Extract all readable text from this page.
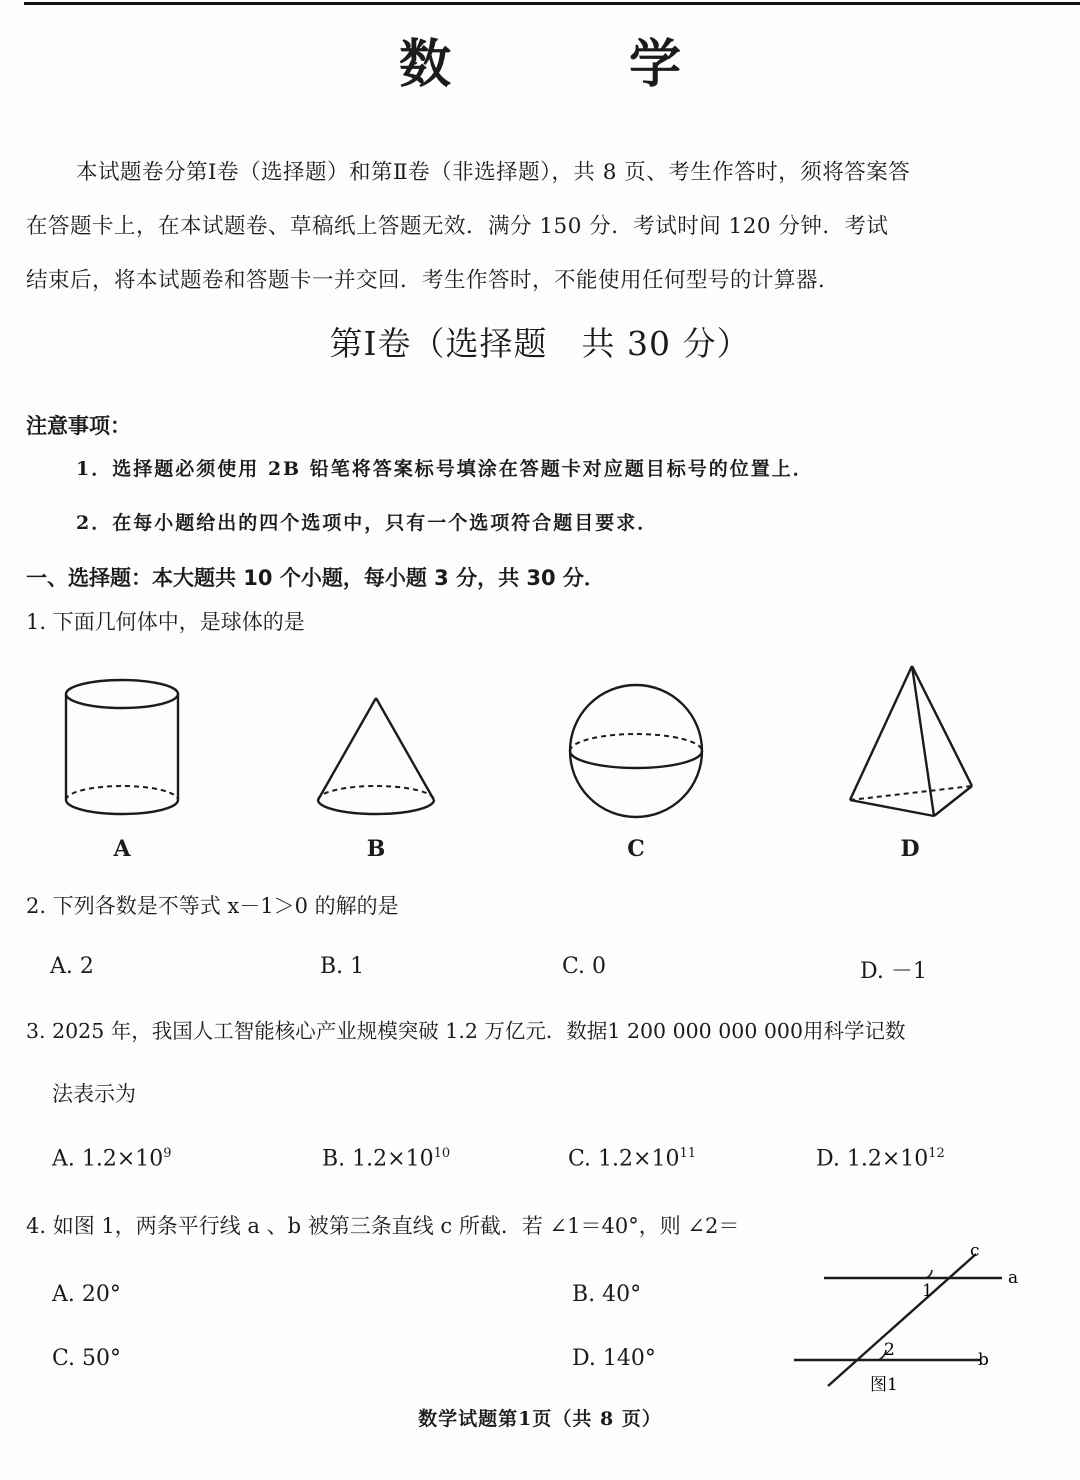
数 学
本试题卷分第Ⅰ卷（选择题）和第Ⅱ卷（非选择题），共 8 页、考生作答时，须将答案答
在答题卡上，在本试题卷、草稿纸上答题无效．满分 150 分．考试时间 120 分钟．考试
结束后，将本试题卷和答题卡一并交回．考生作答时，不能使用任何型号的计算器．
第Ⅰ卷（选择题　共 30 分）
注意事项：
1．选择题必须使用 2B 铅笔将答案标号填涂在答题卡对应题目标号的位置上．
2．在每小题给出的四个选项中，只有一个选项符合题目要求．
一、选择题：本大题共 10 个小题，每小题 3 分，共 30 分．
1. 下面几何体中，是球体的是
A	B	C	D
2. 下列各数是不等式 x－1＞0 的解的是
A. 2	B. 1	C. 0	D. －1
3. 2025 年，我国人工智能核心产业规模突破 1.2 万亿元．数据1 200 000 000 000用科学记数
法表示为
A. $1.2\times 10^9$	B. $1.2\times 10^{10}$	C. $1.2\times 10^{11}$	D. $1.2\times 10^{12}$
4. 如图 1，两条平行线 a 、b 被第三条直线 c 所截．若 ∠1＝40°，则 ∠2＝
A. 20°	B. 40°
C. 50°	D. 140°
c
a
b
1
2
图1
数学试题第1页（共 8 页）
